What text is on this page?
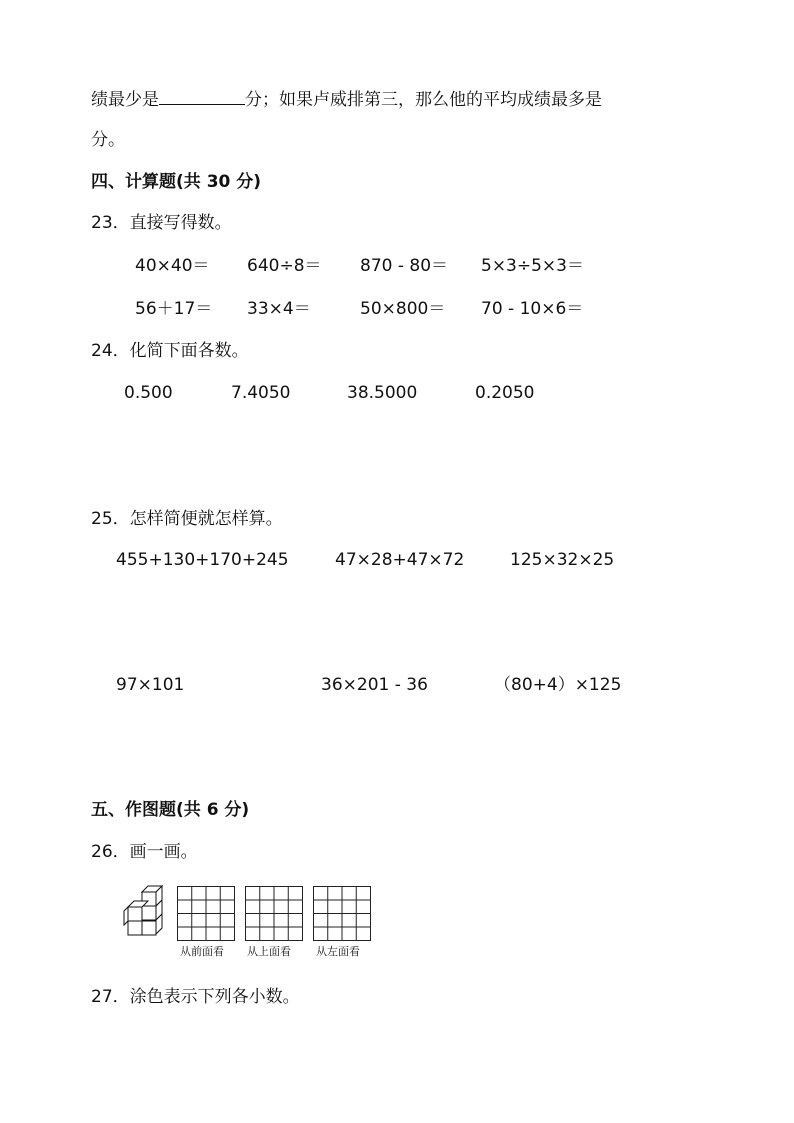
绩最少是	分；如果卢威排第三，那么他的平均成绩最多是
分。
四、计算题(共 30 分)
23．直接写得数。
40×40＝ 640÷8＝ 870 - 80＝ 5×3÷5×3＝
56＋17＝ 33×4＝	50×800＝ 70 - 10×6＝
24．化简下面各数。
0.500	7.4050	38.5000	0.2050
25．怎样简便就怎样算。
455+130+170+245	47×28+47×72	125×32×25
97×101	36×201 - 36	（80+4）×125
五、作图题(共 6 分)
26．画一画。
从前面看 从上面看 从左面看
27．涂色表示下列各小数。
